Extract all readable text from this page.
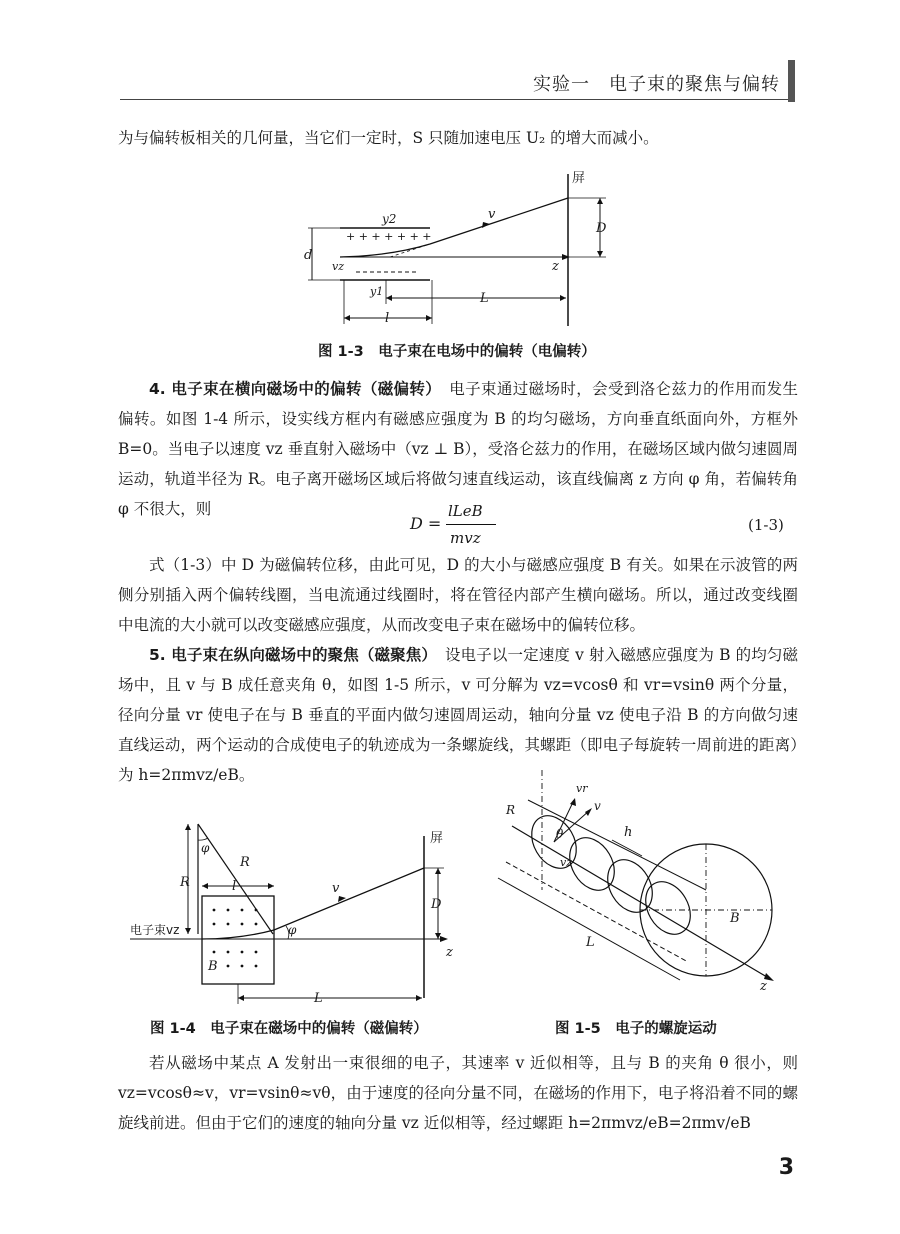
实验一　电子束的聚焦与偏转

为与偏转板相关的几何量，当它们一定时，S 只随加速电压 U₂ 的增大而减小。

屏
y2
+ + + + + + +
d
vz	z
v
D
y1	L
l
图 1-3　电子束在电场中的偏转（电偏转）

4. 电子束在横向磁场中的偏转（磁偏转）　 电子束通过磁场时，会受到洛仑兹力的作用而发生偏转。如图 1-4 所示，设实线方框内有磁感应强度为 B 的均匀磁场，方向垂直纸面向外，方框外 B=0。当电子以速度 vz 垂直射入磁场中（vz ⊥ B），受洛仑兹力的作用，在磁场区域内做匀速圆周运动，轨道半径为 R。电子离开磁场区域后将做匀速直线运动，该直线偏离 z 方向 φ 角，若偏转角 φ 不很大，则

D =
lLeB
mvz
(1-3)

式（1-3）中 D 为磁偏转位移，由此可见，D 的大小与磁感应强度 B 有关。如果在示波管的两侧分别插入两个偏转线圈，当电流通过线圈时，将在管径内部产生横向磁场。所以，通过改变线圈中电流的大小就可以改变磁感应强度，从而改变电子束在磁场中的偏转位移。

5. 电子束在纵向磁场中的聚焦（磁聚焦）　 设电子以一定速度 v 射入磁感应强度为 B 的均匀磁场中，且 v 与 B 成任意夹角 θ，如图 1-5 所示，v 可分解为 vz=vcosθ 和 vr=vsinθ 两个分量，径向分量 vr 使电子在与 B 垂直的平面内做匀速圆周运动，轴向分量 vz 使电子沿 B 的方向做匀速直线运动，两个运动的合成使电子的轨迹成为一条螺旋线，其螺距（即电子每旋转一周前进的距离）为 h=2πmvz/eB。

φ
R
R	l
B
电子束vz
z
v
φ
屏
D
L
图 1-4　电子束在磁场中的偏转（磁偏转）
z
B
vr
v
R
θ
vz
h
L
图 1-5　电子的螺旋运动

若从磁场中某点 A 发射出一束很细的电子，其速率 v 近似相等，且与 B 的夹角 θ 很小，则 vz=vcosθ≈v，vr=vsinθ≈vθ，由于速度的径向分量不同，在磁场的作用下，电子将沿着不同的螺旋线前进。但由于它们的速度的轴向分量 vz 近似相等，经过螺距 h=2πmvz/eB=2πmv/eB

3
